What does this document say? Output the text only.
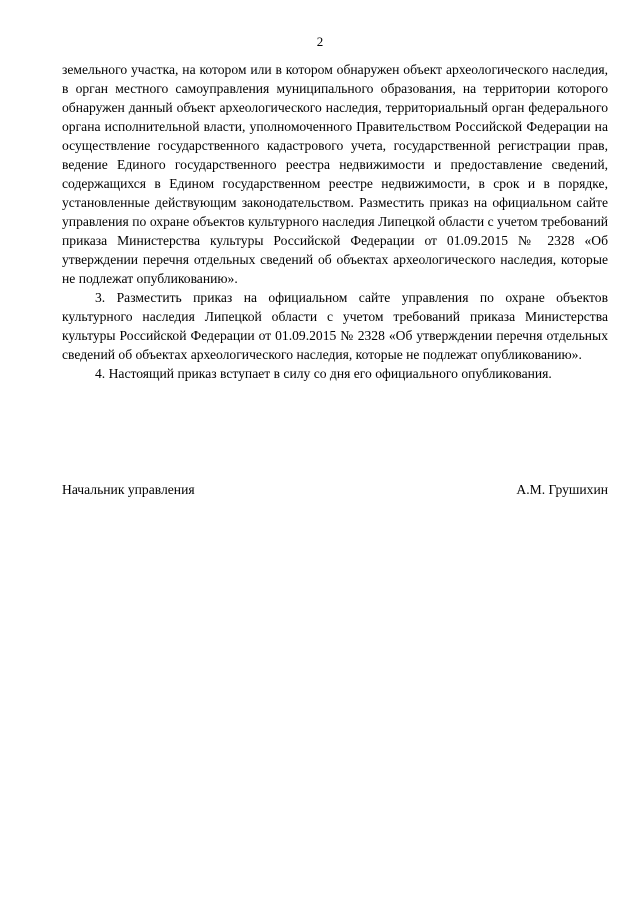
2

земельного участка, на котором или в котором обнаружен объект археологического наследия, в орган местного самоуправления муниципального образования, на территории которого обнаружен данный объект археологического наследия, территориальный орган федерального органа исполнительной власти, уполномоченного Правительством Российской Федерации на осуществление государственного кадастрового учета, государственной регистрации прав, ведение Единого государственного реестра недвижимости и предоставление сведений, содержащихся в Едином государственном реестре недвижимости, в срок и в порядке, установленные действующим законодательством. Разместить приказ на официальном сайте управления по охране объектов культурного наследия Липецкой области с учетом требований приказа Министерства культуры Российской Федерации от 01.09.2015 № 2328 «Об утверждении перечня отдельных сведений об объектах археологического наследия, которые не подлежат опубликованию».

3. Разместить приказ на официальном сайте управления по охране объектов культурного наследия Липецкой области с учетом требований приказа Министерства культуры Российской Федерации от 01.09.2015 № 2328 «Об утверждении перечня отдельных сведений об объектах археологического наследия, которые не подлежат опубликованию».

4. Настоящий приказ вступает в силу со дня его официального опубликования.

Начальник управления	А.М. Грушихин
